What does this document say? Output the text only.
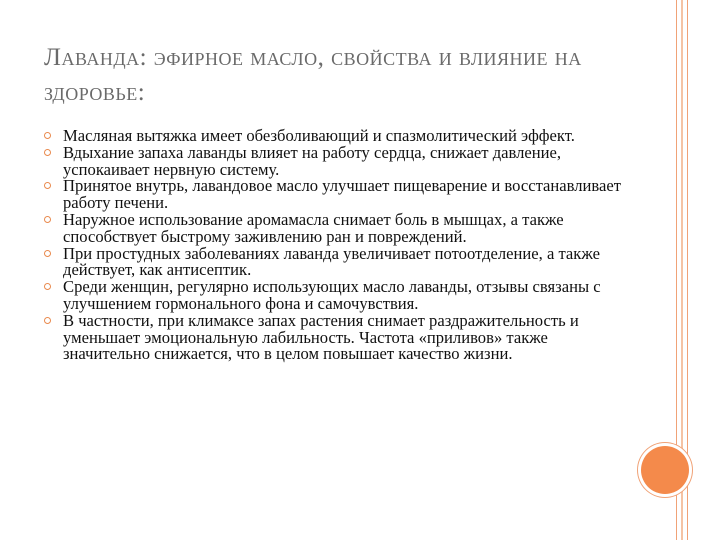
Лаванда: эфирное масло, свойства и влияние на здоровье:
Масляная вытяжка имеет обезболивающий и спазмолитический эффект.
Вдыхание запаха лаванды влияет на работу сердца, снижает давление, успокаивает нервную систему.
Принятое внутрь, лавандовое масло улучшает пищеварение и восстанавливает работу печени.
Наружное использование аромамасла снимает боль в мышцах, а также способствует быстрому заживлению ран и повреждений.
При простудных заболеваниях лаванда увеличивает потоотделение, а также действует, как антисептик.
Среди женщин, регулярно использующих масло лаванды, отзывы связаны с улучшением гормонального фона и самочувствия.
В частности, при климаксе запах растения снимает раздражительность и уменьшает эмоциональную лабильность. Частота «приливов» также значительно снижается, что в целом повышает качество жизни.
